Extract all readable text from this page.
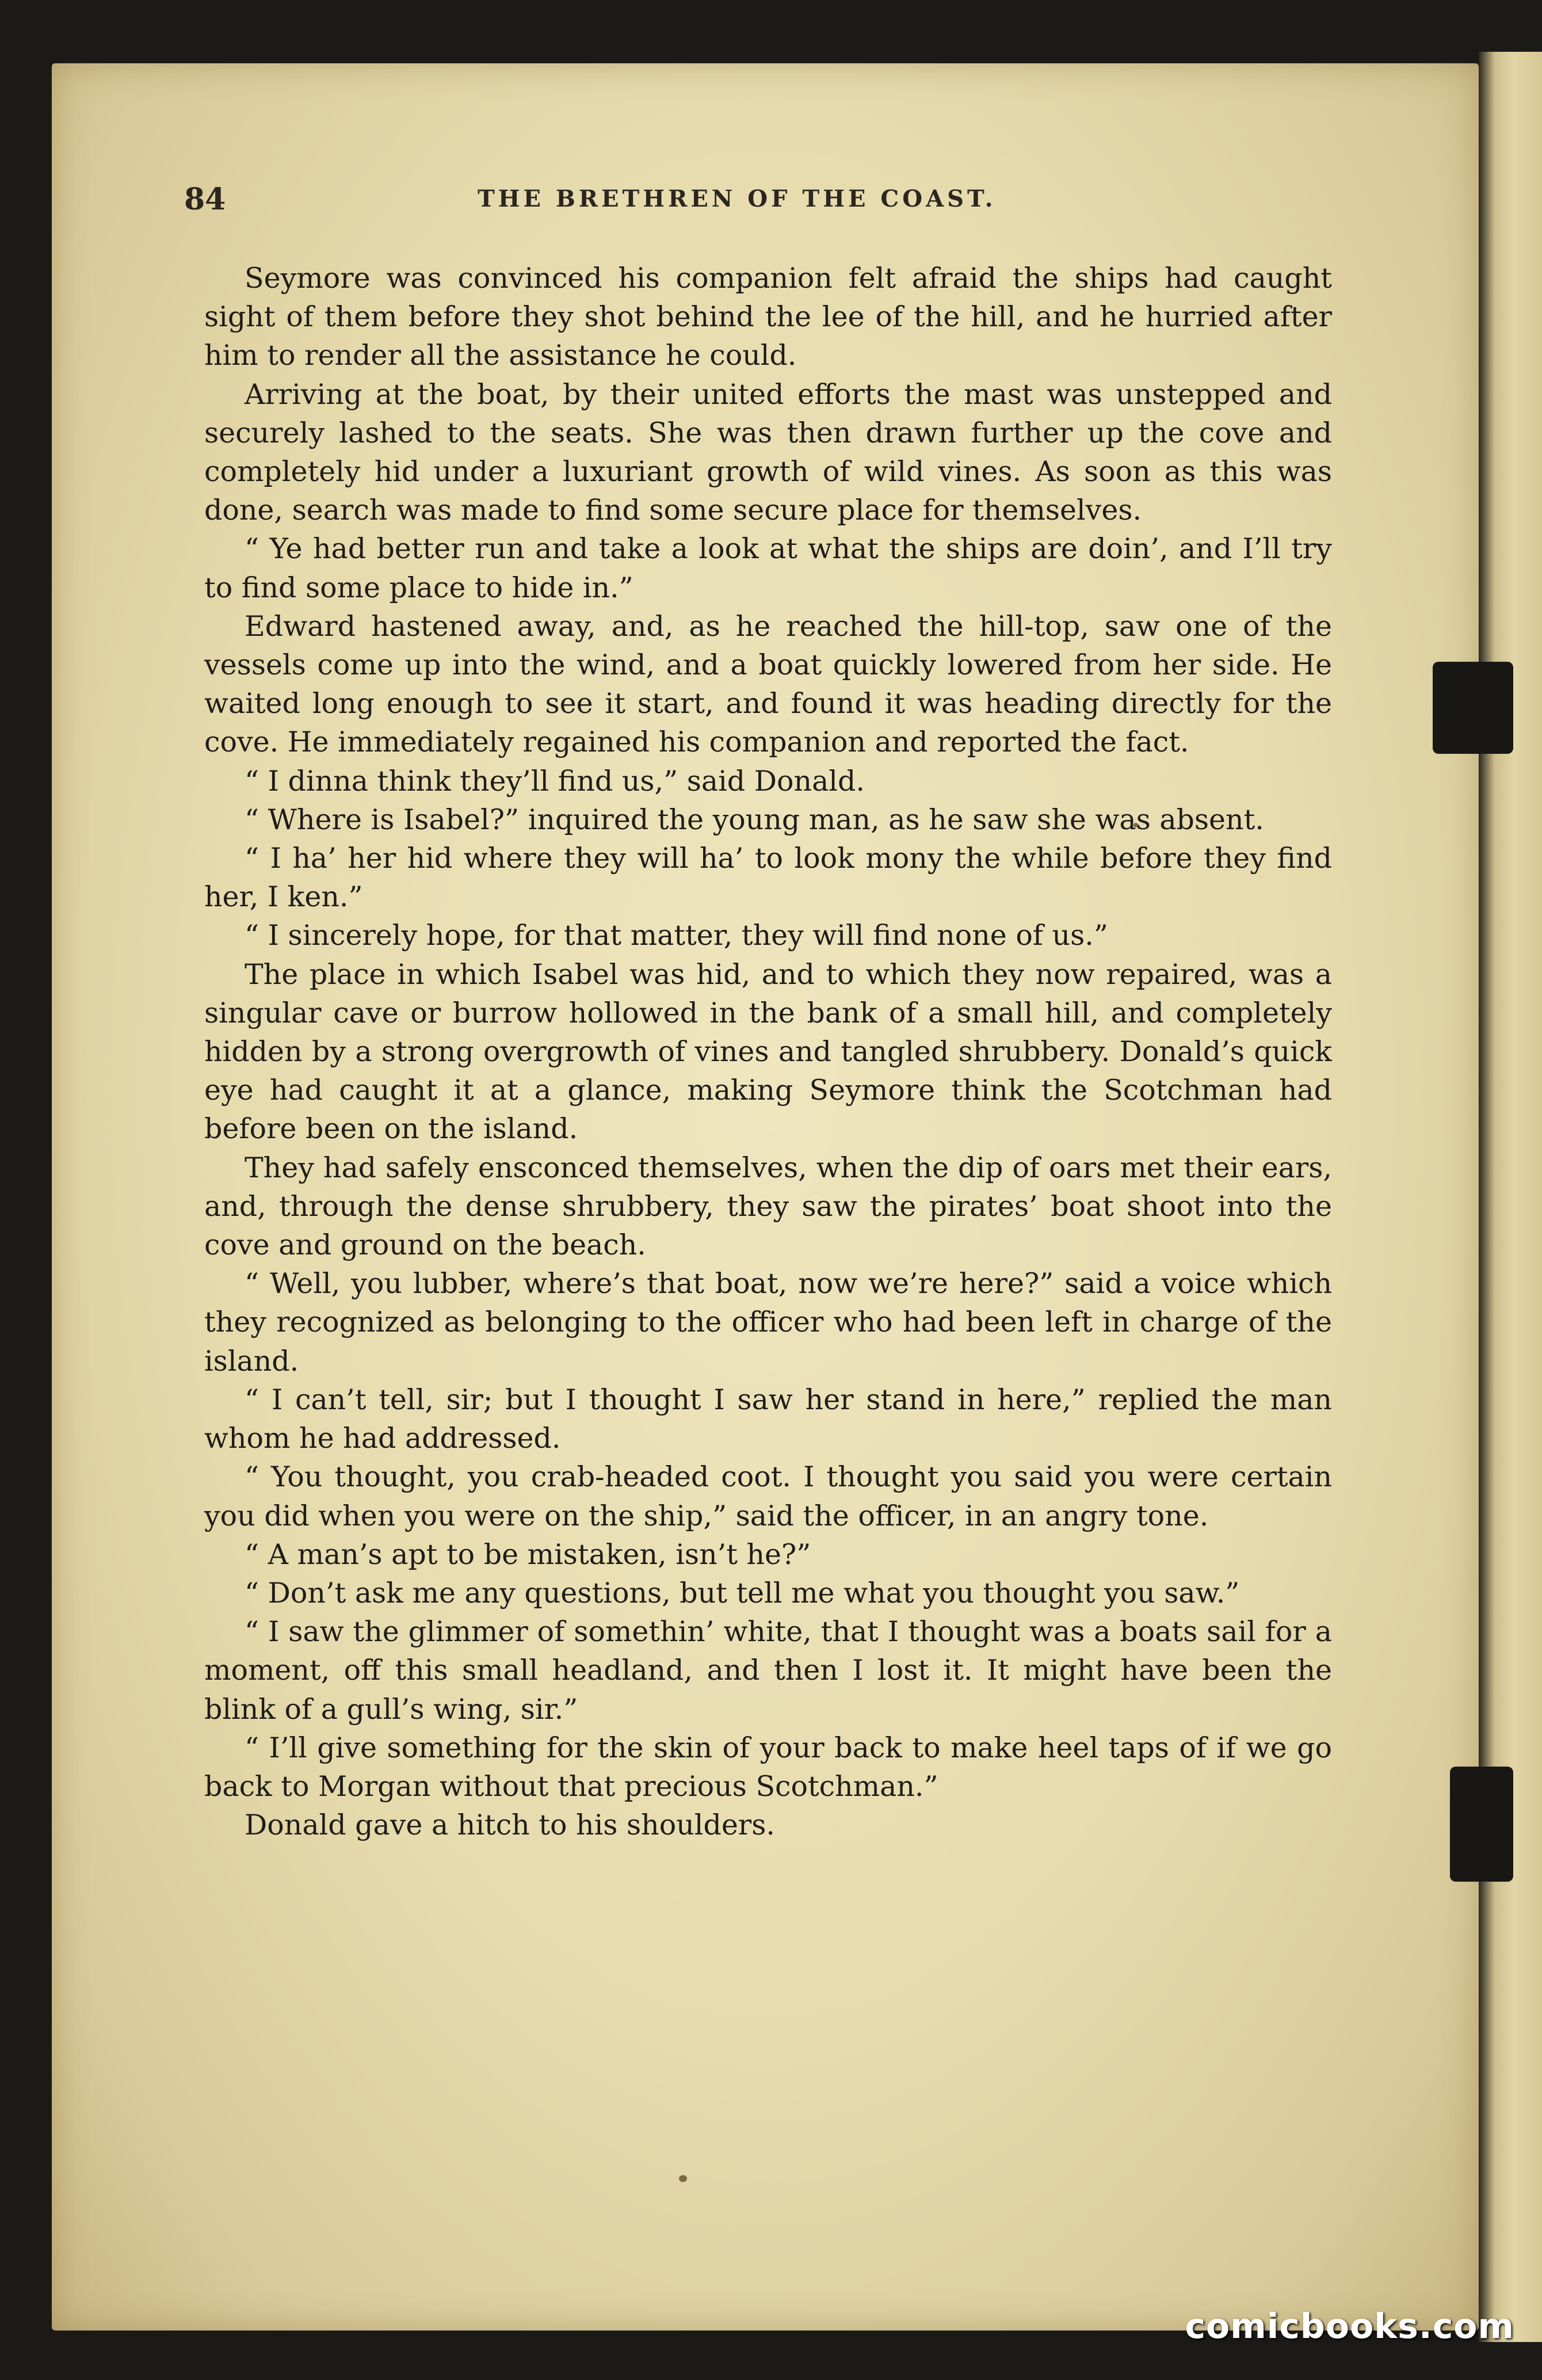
84	THE BRETHREN OF THE COAST.

Seymore was convinced his companion felt afraid the ships had caught sight of them before they shot behind the lee of the hill, and he hurried after him to render all the assistance he could.

Arriving at the boat, by their united efforts the mast was unstepped and securely lashed to the seats. She was then drawn further up the cove and completely hid under a luxuriant growth of wild vines. As soon as this was done, search was made to find some secure place for themselves.

“ Ye had better run and take a look at what the ships are doin’, and I’ll try to find some place to hide in.”

Edward hastened away, and, as he reached the hill-top, saw one of the vessels come up into the wind, and a boat quickly lowered from her side. He waited long enough to see it start, and found it was heading directly for the cove. He immediately regained his companion and reported the fact.

“ I dinna think they’ll find us,” said Donald.

“ Where is Isabel?” inquired the young man, as he saw she was absent.

“ I ha’ her hid where they will ha’ to look mony the while before they find her, I ken.”

“ I sincerely hope, for that matter, they will find none of us.”

The place in which Isabel was hid, and to which they now repaired, was a singular cave or burrow hollowed in the bank of a small hill, and completely hidden by a strong overgrowth of vines and tangled shrubbery. Donald’s quick eye had caught it at a glance, making Seymore think the Scotchman had before been on the island.

They had safely ensconced themselves, when the dip of oars met their ears, and, through the dense shrubbery, they saw the pirates’ boat shoot into the cove and ground on the beach.

“ Well, you lubber, where’s that boat, now we’re here?” said a voice which they recognized as belonging to the officer who had been left in charge of the island.

“ I can’t tell, sir; but I thought I saw her stand in here,” replied the man whom he had addressed.

“ You thought, you crab-headed coot. I thought you said you were certain you did when you were on the ship,” said the officer, in an angry tone.

“ A man’s apt to be mistaken, isn’t he?”

“ Don’t ask me any questions, but tell me what you thought you saw.”

“ I saw the glimmer of somethin’ white, that I thought was a boats sail for a moment, off this small headland, and then I lost it. It might have been the blink of a gull’s wing, sir.”

“ I’ll give something for the skin of your back to make heel taps of if we go back to Morgan without that precious Scotchman.”

Donald gave a hitch to his shoulders.

comicbooks.com
